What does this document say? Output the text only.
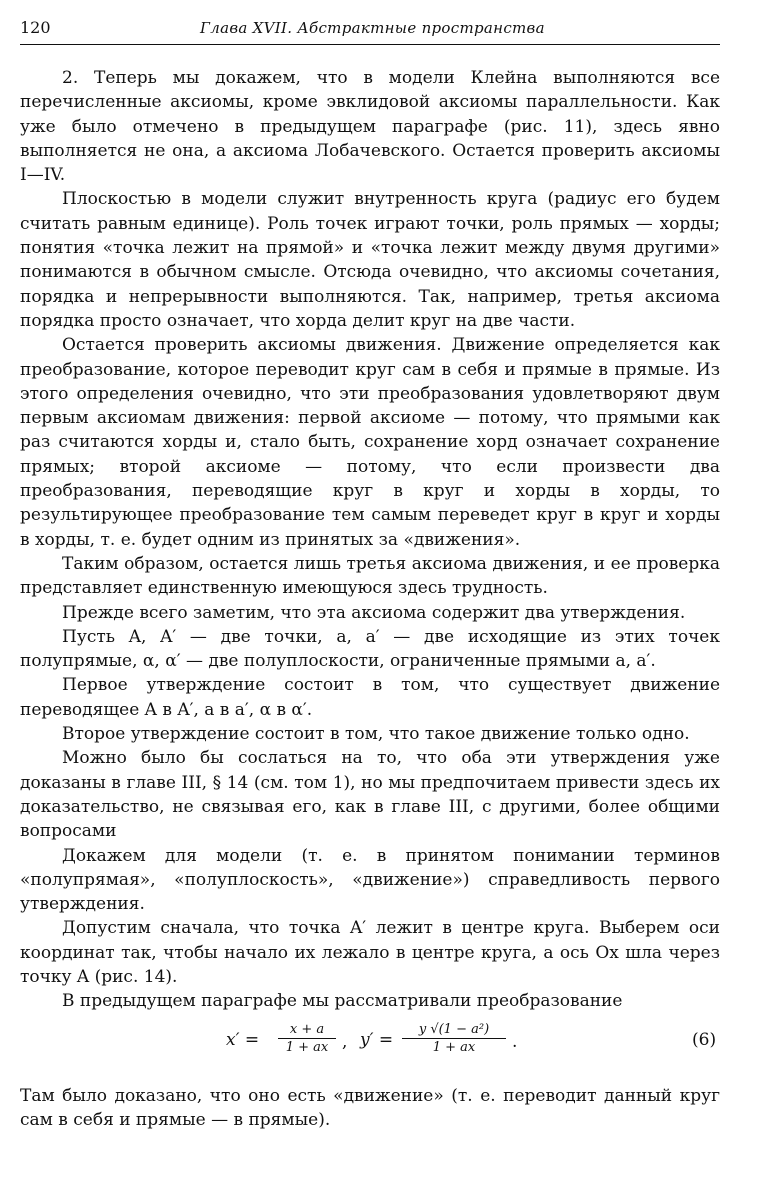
120	Глава XVII. Абстрактные пространства

2. Теперь мы докажем, что в модели Клейна выполняются все перечисленные аксиомы, кроме эвклидовой аксиомы параллельности. Как уже было отмечено в предыдущем параграфе (рис. 11), здесь явно выполняется не она, а аксиома Лобачевского. Остается проверить аксиомы I—IV.

Плоскостью в модели служит внутренность круга (радиус его будем считать равным единице). Роль точек играют точки, роль прямых — хорды; понятия «точка лежит на прямой» и «точка лежит между двумя другими» понимаются в обычном смысле. Отсюда очевидно, что аксиомы сочетания, порядка и непрерывности выполняются. Так, например, третья аксиома порядка просто означает, что хорда делит круг на две части.

Остается проверить аксиомы движения. Движение определяется как преобразование, которое переводит круг сам в себя и прямые в прямые. Из этого определения очевидно, что эти преобразования удовлетворяют двум первым аксиомам движения: первой аксиоме — потому, что прямыми как раз считаются хорды и, стало быть, сохранение хорд означает сохранение прямых; второй аксиоме — потому, что если произвести два преобразования, переводящие круг в круг и хорды в хорды, то результирующее преобразование тем самым переведет круг в круг и хорды в хорды, т. е. будет одним из принятых за «движения».

Таким образом, остается лишь третья аксиома движения, и ее проверка представляет единственную имеющуюся здесь трудность.

Прежде всего заметим, что эта аксиома содержит два утверждения.

Пусть A, A′ — две точки, a, a′ — две исходящие из этих точек полупрямые, α, α′ — две полуплоскости, ограниченные прямыми a, a′.

Первое утверждение состоит в том, что существует движение переводящее A в A′, a в a′, α в α′.

Второе утверждение состоит в том, что такое движение только одно.

Можно было бы сослаться на то, что оба эти утверждения уже доказаны в главе III, § 14 (см. том 1), но мы предпочитаем привести здесь их доказательство, не связывая его, как в главе III, с другими, более общими вопросами

Докажем для модели (т. е. в принятом понимании терминов «полупрямая», «полуплоскость», «движение») справедливость первого утверждения.

Допустим сначала, что точка A′ лежит в центре круга. Выберем оси координат так, чтобы начало их лежало в центре круга, а ось Ox шла через точку A (рис. 14).

В предыдущем параграфе мы рассматривали преобразование

$x' = \frac{x + a}{1 + ax}$ , $y' = \frac{\text{y √(1 − a²)}}{1 + ax}$ .	(6)

Там было доказано, что оно есть «движение» (т. е. переводит данный круг сам в себя и прямые — в прямые).
